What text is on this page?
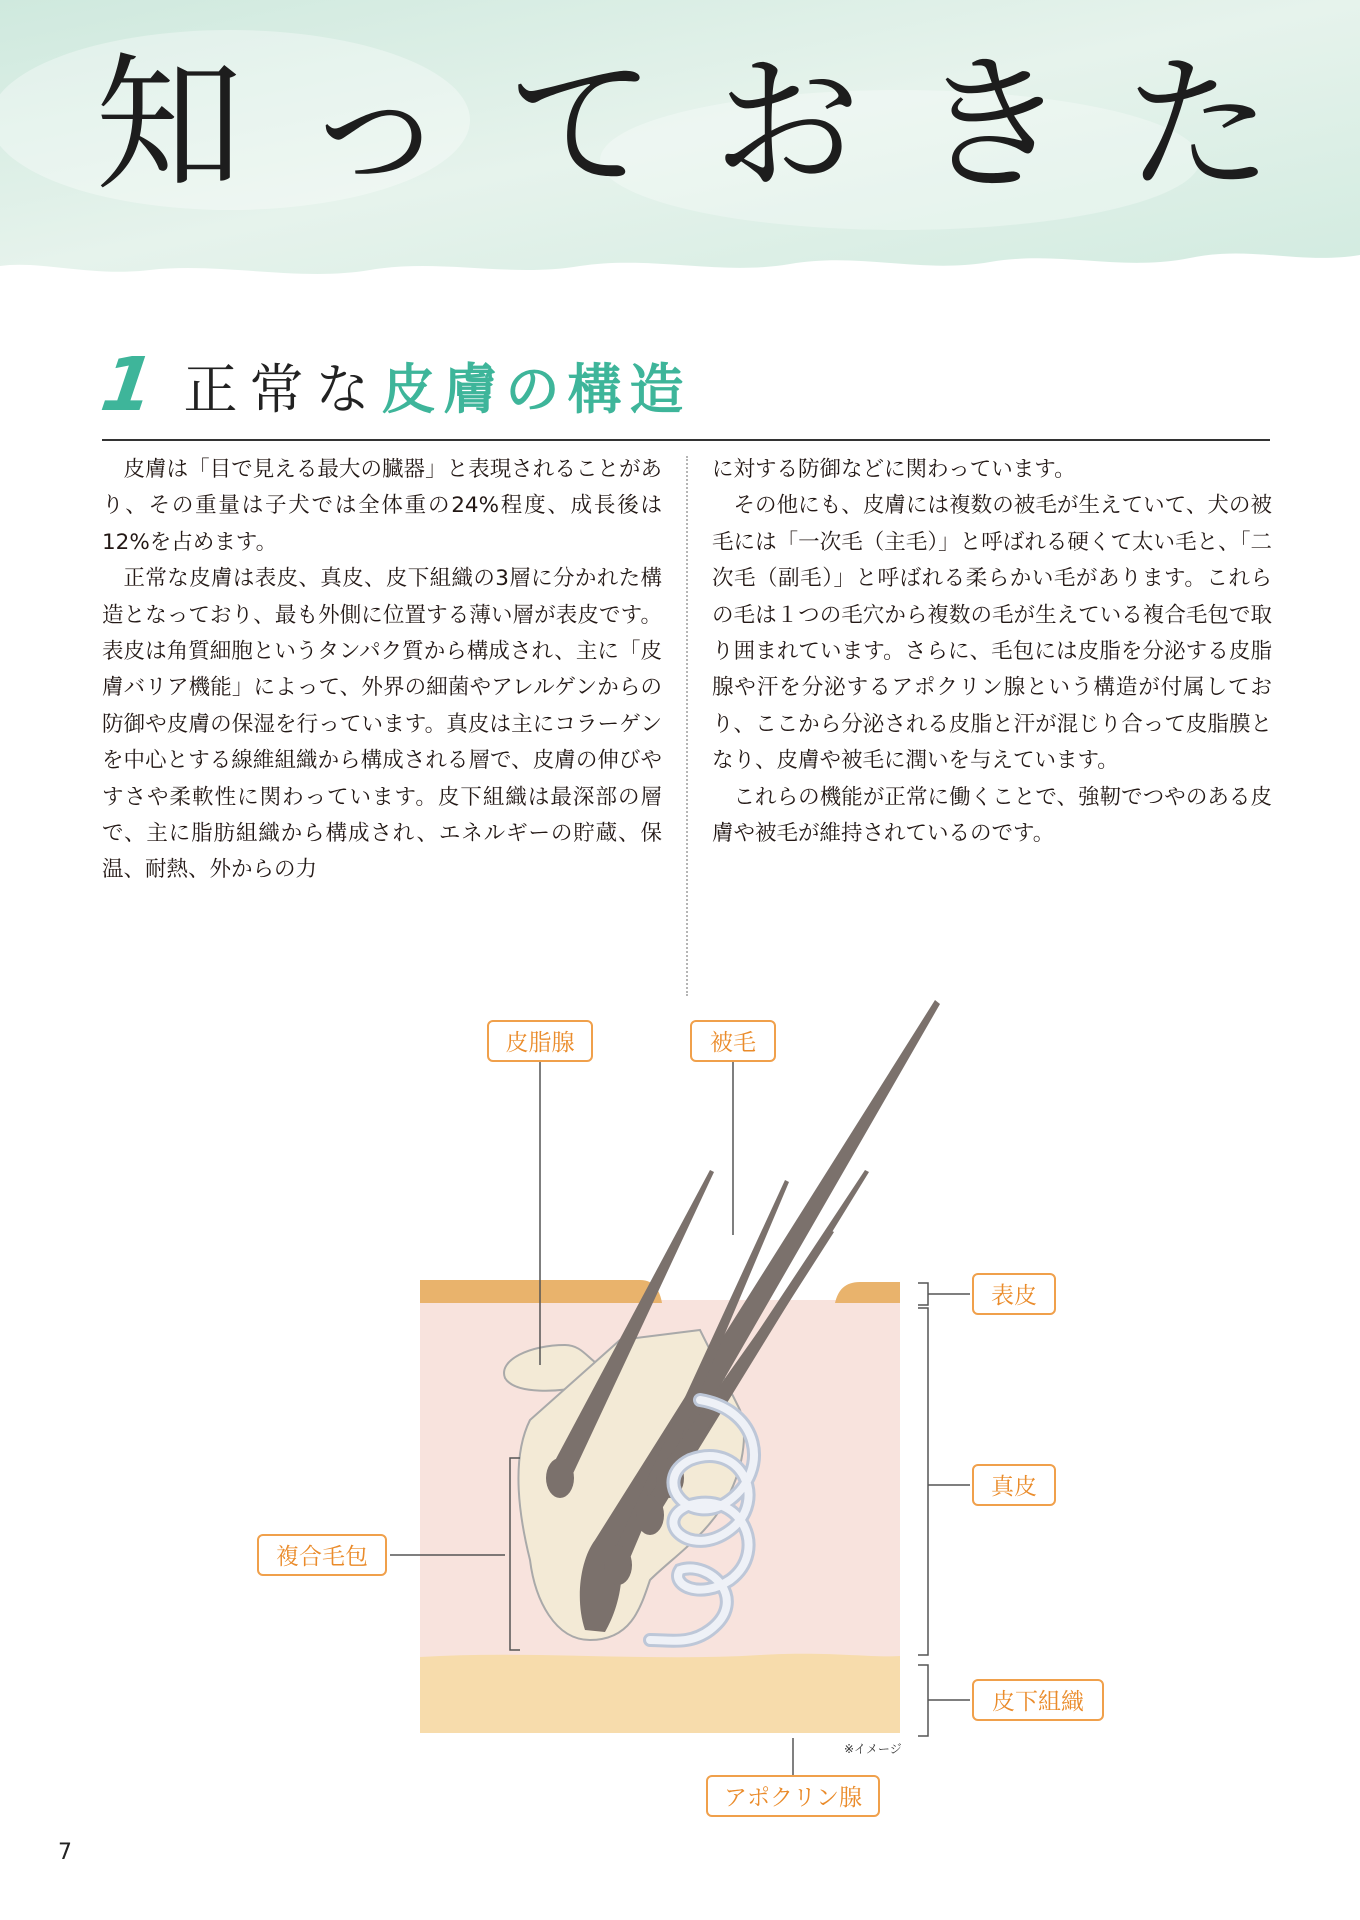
知っておきた
1 正常な 皮膚の構造

皮膚は「目で見える最大の臓器」と表現されることがあり、その重量は子犬では全体重の24%程度、成長後は12%を占めます。

正常な皮膚は表皮、真皮、皮下組織の3層に分かれた構造となっており、最も外側に位置する薄い層が表皮です。表皮は角質細胞というタンパク質から構成され、主に「皮膚バリア機能」によって、外界の細菌やアレルゲンからの防御や皮膚の保湿を行っています。真皮は主にコラーゲンを中心とする線維組織から構成される層で、皮膚の伸びやすさや柔軟性に関わっています。皮下組織は最深部の層で、主に脂肪組織から構成され、エネルギーの貯蔵、保温、耐熱、外からの力

に対する防御などに関わっています。

その他にも、皮膚には複数の被毛が生えていて、犬の被毛には「一次毛（主毛）」と呼ばれる硬くて太い毛と、「二次毛（副毛）」と呼ばれる柔らかい毛があります。これらの毛は１つの毛穴から複数の毛が生えている複合毛包で取り囲まれています。さらに、毛包には皮脂を分泌する皮脂腺や汗を分泌するアポクリン腺という構造が付属しており、ここから分泌される皮脂と汗が混じり合って皮脂膜となり、皮膚や被毛に潤いを与えています。

これらの機能が正常に働くことで、強靭でつやのある皮膚や被毛が維持されているのです。

皮脂腺	被毛
表皮
真皮
複合毛包
皮下組織
アポクリン腺
※イメージ
7
